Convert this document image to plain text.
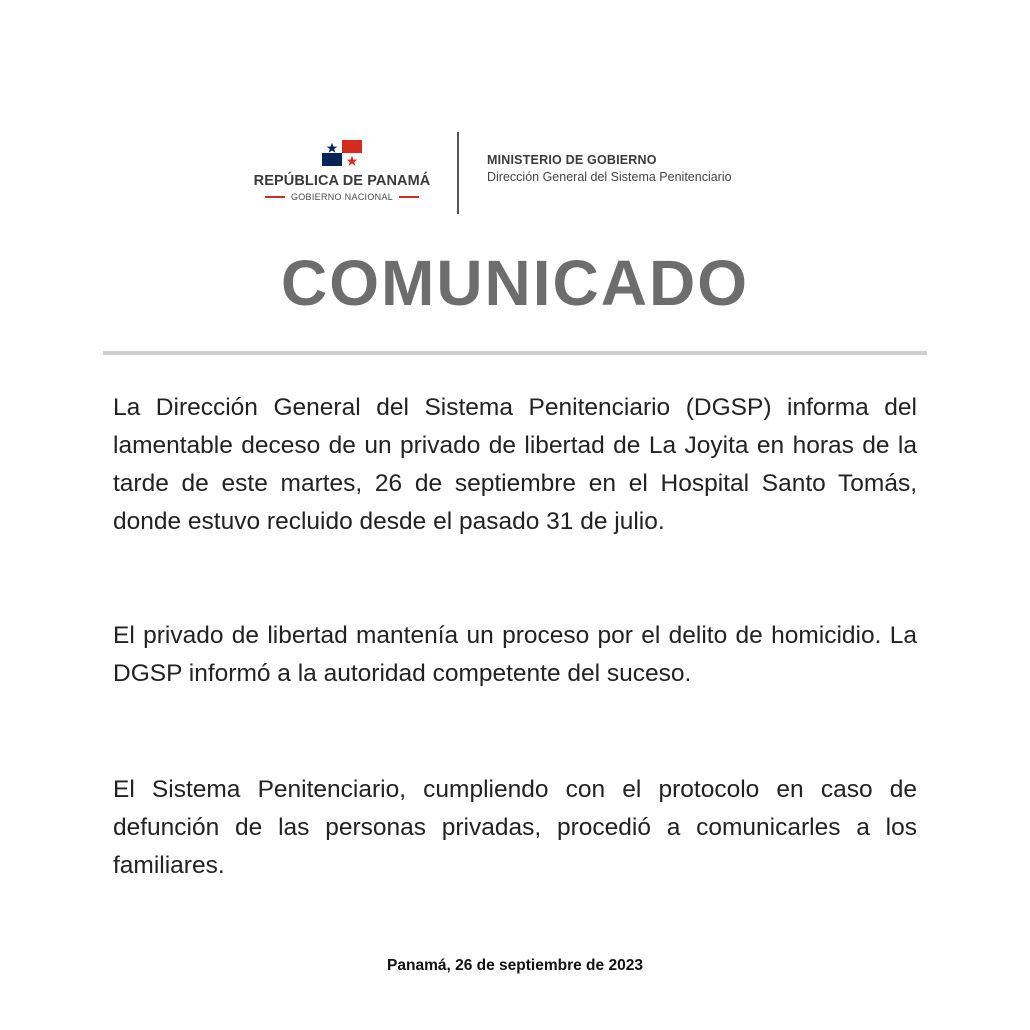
REPÚBLICA DE PANAMÁ
GOBIERNO NACIONAL
MINISTERIO DE GOBIERNO
Dirección General del Sistema Penitenciario
COMUNICADO

La Dirección General del Sistema Penitenciario (DGSP) informa del lamentable deceso de un privado de libertad de La Joyita en horas de la tarde de este martes, 26 de septiembre en el Hospital Santo Tomás, donde estuvo recluido desde el pasado 31 de julio.

El privado de libertad mantenía un proceso por el delito de homicidio. La DGSP informó a la autoridad competente del suceso.

El Sistema Penitenciario, cumpliendo con el protocolo en caso de defunción de las personas privadas, procedió a comunicarles a los familiares.

Panamá, 26 de septiembre de 2023
